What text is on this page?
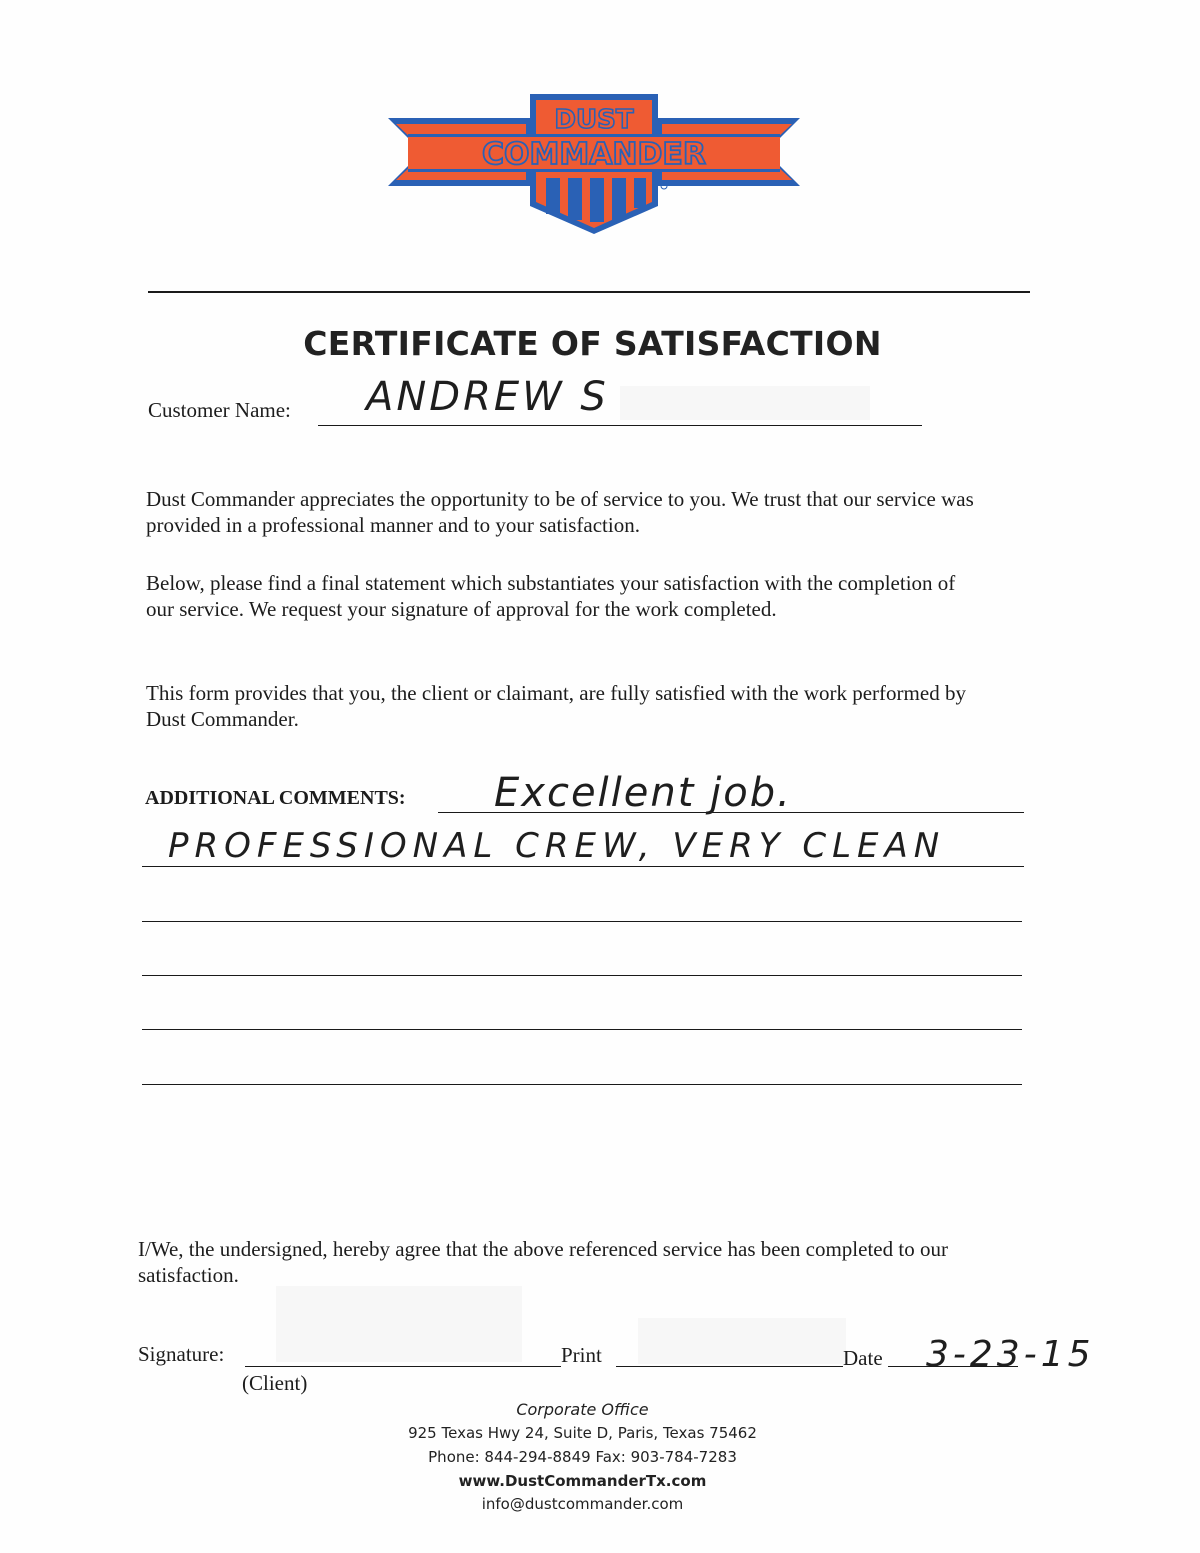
DUST
COMMANDER
CERTIFICATE OF SATISFACTION
Customer Name: ANDREW S
Dust Commander appreciates the opportunity to be of service to you. We trust that our service was provided in a professional manner and to your satisfaction.
Below, please find a final statement which substantiates your satisfaction with the completion of our service. We request your signature of approval for the work completed.
This form provides that you, the client or claimant, are fully satisfied with the work performed by Dust Commander.
ADDITIONAL COMMENTS: Excellent job.
PROFESSIONAL CREW, VERY CLEAN
I/We, the undersigned, hereby agree that the above referenced service has been completed to our satisfaction.
Signature:	Print	Date 3-23-15
(Client)
Corporate Office
925 Texas Hwy 24, Suite D, Paris, Texas 75462
Phone: 844-294-8849 Fax: 903-784-7283
www.DustCommanderTx.com
info@dustcommander.com
